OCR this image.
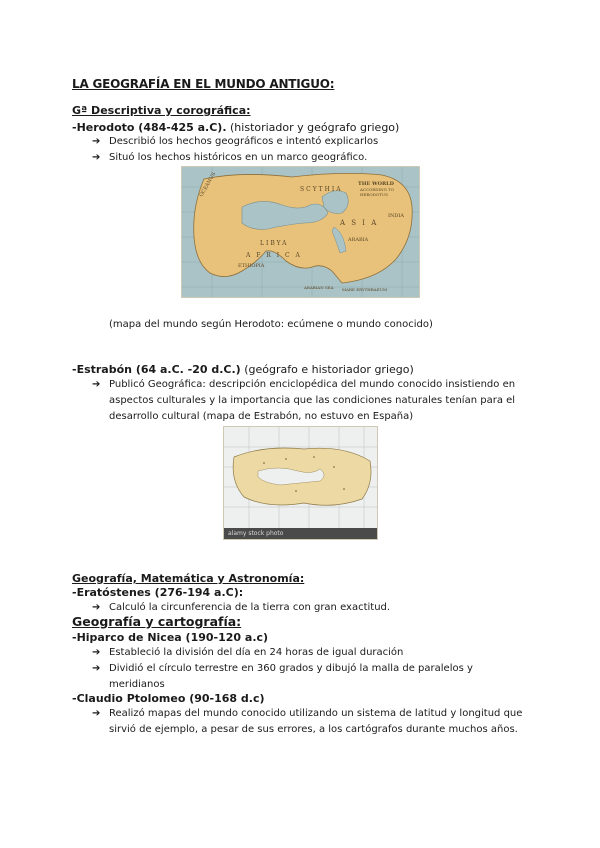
LA GEOGRAFÍA EN EL MUNDO ANTIGUO:
Gª Descriptiva y corográfica:
-Herodoto (484-425 a.C). (historiador y geógrafo griego)
➔ Describió los hechos geográficos e intentó explicarlos
➔ Situó los hechos históricos en un marco geográfico.
THE WORLD
ACCORDING TO
HERODOTUS
SCYTHIA
A S I A
ARABIA
LIBYA
A F R I C A
ETHIOPIA
ARABIAN SEA MARE ERYTHRAEUM
OCEANUS
INDIA
(mapa del mundo según Herodoto: ecúmene o mundo conocido)
-Estrabón (64 a.C. -20 d.C.) (geógrafo e historiador griego)
➔ Publicó Geográfica: descripción enciclopédica del mundo conocido insistiendo en aspectos culturales y la importancia que las condiciones naturales tenían para el desarrollo cultural (mapa de Estrabón, no estuvo en España)
alamy stock photo
Geografía, Matemática y Astronomía:
-Eratóstenes (276-194 a.C):
➔ Calculó la circunferencia de la tierra con gran exactitud.
Geografía y cartografía:
-Hiparco de Nicea (190-120 a.c)
➔ Estableció la división del día en 24 horas de igual duración
➔ Dividió el círculo terrestre en 360 grados y dibujó la malla de paralelos y meridianos
-Claudio Ptolomeo (90-168 d.c)
➔ Realizó mapas del mundo conocido utilizando un sistema de latitud y longitud que sirvió de ejemplo, a pesar de sus errores, a los cartógrafos durante muchos años.
